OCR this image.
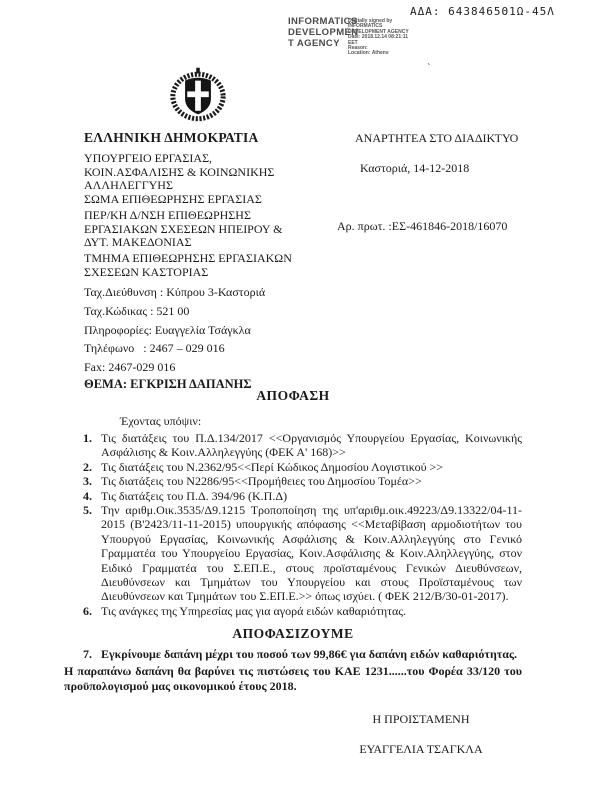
ΑΔΑ: 6438465Θ1Ω-45Λ
INFORMATICS
DEVELOPMEN
T AGENCY
Digitally signed by
INFORMATICS
DEVELOPMENT AGENCY
Date: 2018.12.14 08:21:11
EET
Reason:
Location: Athens
`
ΕΛΛΗΝΙΚΗ ΔΗΜΟΚΡΑΤΙΑ
ΥΠΟΥΡΓΕΙΟ ΕΡΓΑΣΙΑΣ,
ΚΟΙΝ.ΑΣΦΑΛΙΣΗΣ & ΚΟΙΝΩΝΙΚΗΣ
ΑΛΛΗΛΕΓΓΥΗΣ
ΣΩΜΑ ΕΠΙΘΕΩΡΗΣΗΣ ΕΡΓΑΣΙΑΣ
ΠΕΡ/ΚΗ Δ/ΝΣΗ ΕΠΙΘΕΩΡΗΣΗΣ
ΕΡΓΑΣΙΑΚΩΝ ΣΧΕΣΕΩΝ ΗΠΕΙΡΟΥ &
ΔΥΤ. ΜΑΚΕΔΟΝΙΑΣ
ΤΜΗΜΑ ΕΠΙΘΕΩΡΗΣΗΣ ΕΡΓΑΣΙΑΚΩΝ
ΣΧΕΣΕΩΝ ΚΑΣΤΟΡΙΑΣ
Ταχ.Διεύθυνση : Κύπρου 3-Καστοριά
Ταχ.Κώδικας : 521 00
Πληροφορίες: Ευαγγελία Τσάγκλα
Τηλέφωνο   : 2467 – 029 016
Fax: 2467-029 016
ΘΕΜΑ: ΕΓΚΡΙΣΗ ΔΑΠΑΝΗΣ
ΑΝΑΡΤΗΤΕΑ ΣΤΟ ΔΙΑΔΙΚΤΥΟ
Καστοριά, 14-12-2018
Αρ. πρωτ. :ΕΣ-461846-2018/16070
ΑΠΟΦΑΣΗ
Έχοντας υπόψιν:
1. Τις διατάξεις του Π.Δ.134/2017 <<Οργανισμός Υπουργείου Εργασίας, Κοινωνικής Ασφάλισης & Κοιν.Αλληλεγγύης (ΦΕΚ Α' 168)>>
2. Τις διατάξεις του Ν.2362/95<<Περί Κώδικος Δημοσίου Λογιστικού >>
3. Τις διατάξεις του Ν2286/95<<Προμήθειες του Δημοσίου Τομέα>>
4. Τις διατάξεις του Π.Δ. 394/96 (Κ.Π.Δ)
5. Την αριθμ.Οικ.3535/Δ9.1215 Τροποποίηση της υπ'αριθμ.οικ.49223/Δ9.13322/04-11-2015 (Β'2423/11-11-2015) υπουργικής απόφασης <<Μεταβίβαση αρμοδιοτήτων του Υπουργού Εργασίας, Κοινωνικής Ασφάλισης & Κοιν.Αλληλεγγύης στο Γενικό Γραμματέα του Υπουργείου Εργασίας, Κοιν.Ασφάλισης & Κοιν.Αληλλεγγύης, στον Ειδικό Γραμματέα του Σ.ΕΠ.Ε., στους προϊσταμένους Γενικών Διευθύνσεων, Διευθύνσεων και Τμημάτων του Υπουργείου και στους Προϊσταμένους των Διευθύνσεων και Τμημάτων του Σ.ΕΠ.Ε.>> όπως ισχύει. ( ΦΕΚ 212/Β/30-01-2017).
6. Τις ανάγκες της Υπηρεσίας μας για αγορά ειδών καθαριότητας.
ΑΠΟΦΑΣΙΖΟΥΜΕ
7. Εγκρίνουμε δαπάνη μέχρι του ποσού των 99,86€ για δαπάνη ειδών καθαριότητας.
Η παραπάνω δαπάνη θα βαρύνει τις πιστώσεις του ΚΑΕ 1231......του Φορέα 33/120 του προϋπολογισμού μας οικονομικού έτους 2018.
Η ΠΡΟΙΣΤΑΜΕΝΗ
ΕΥΑΓΓΕΛΙΑ ΤΣΑΓΚΛΑ
